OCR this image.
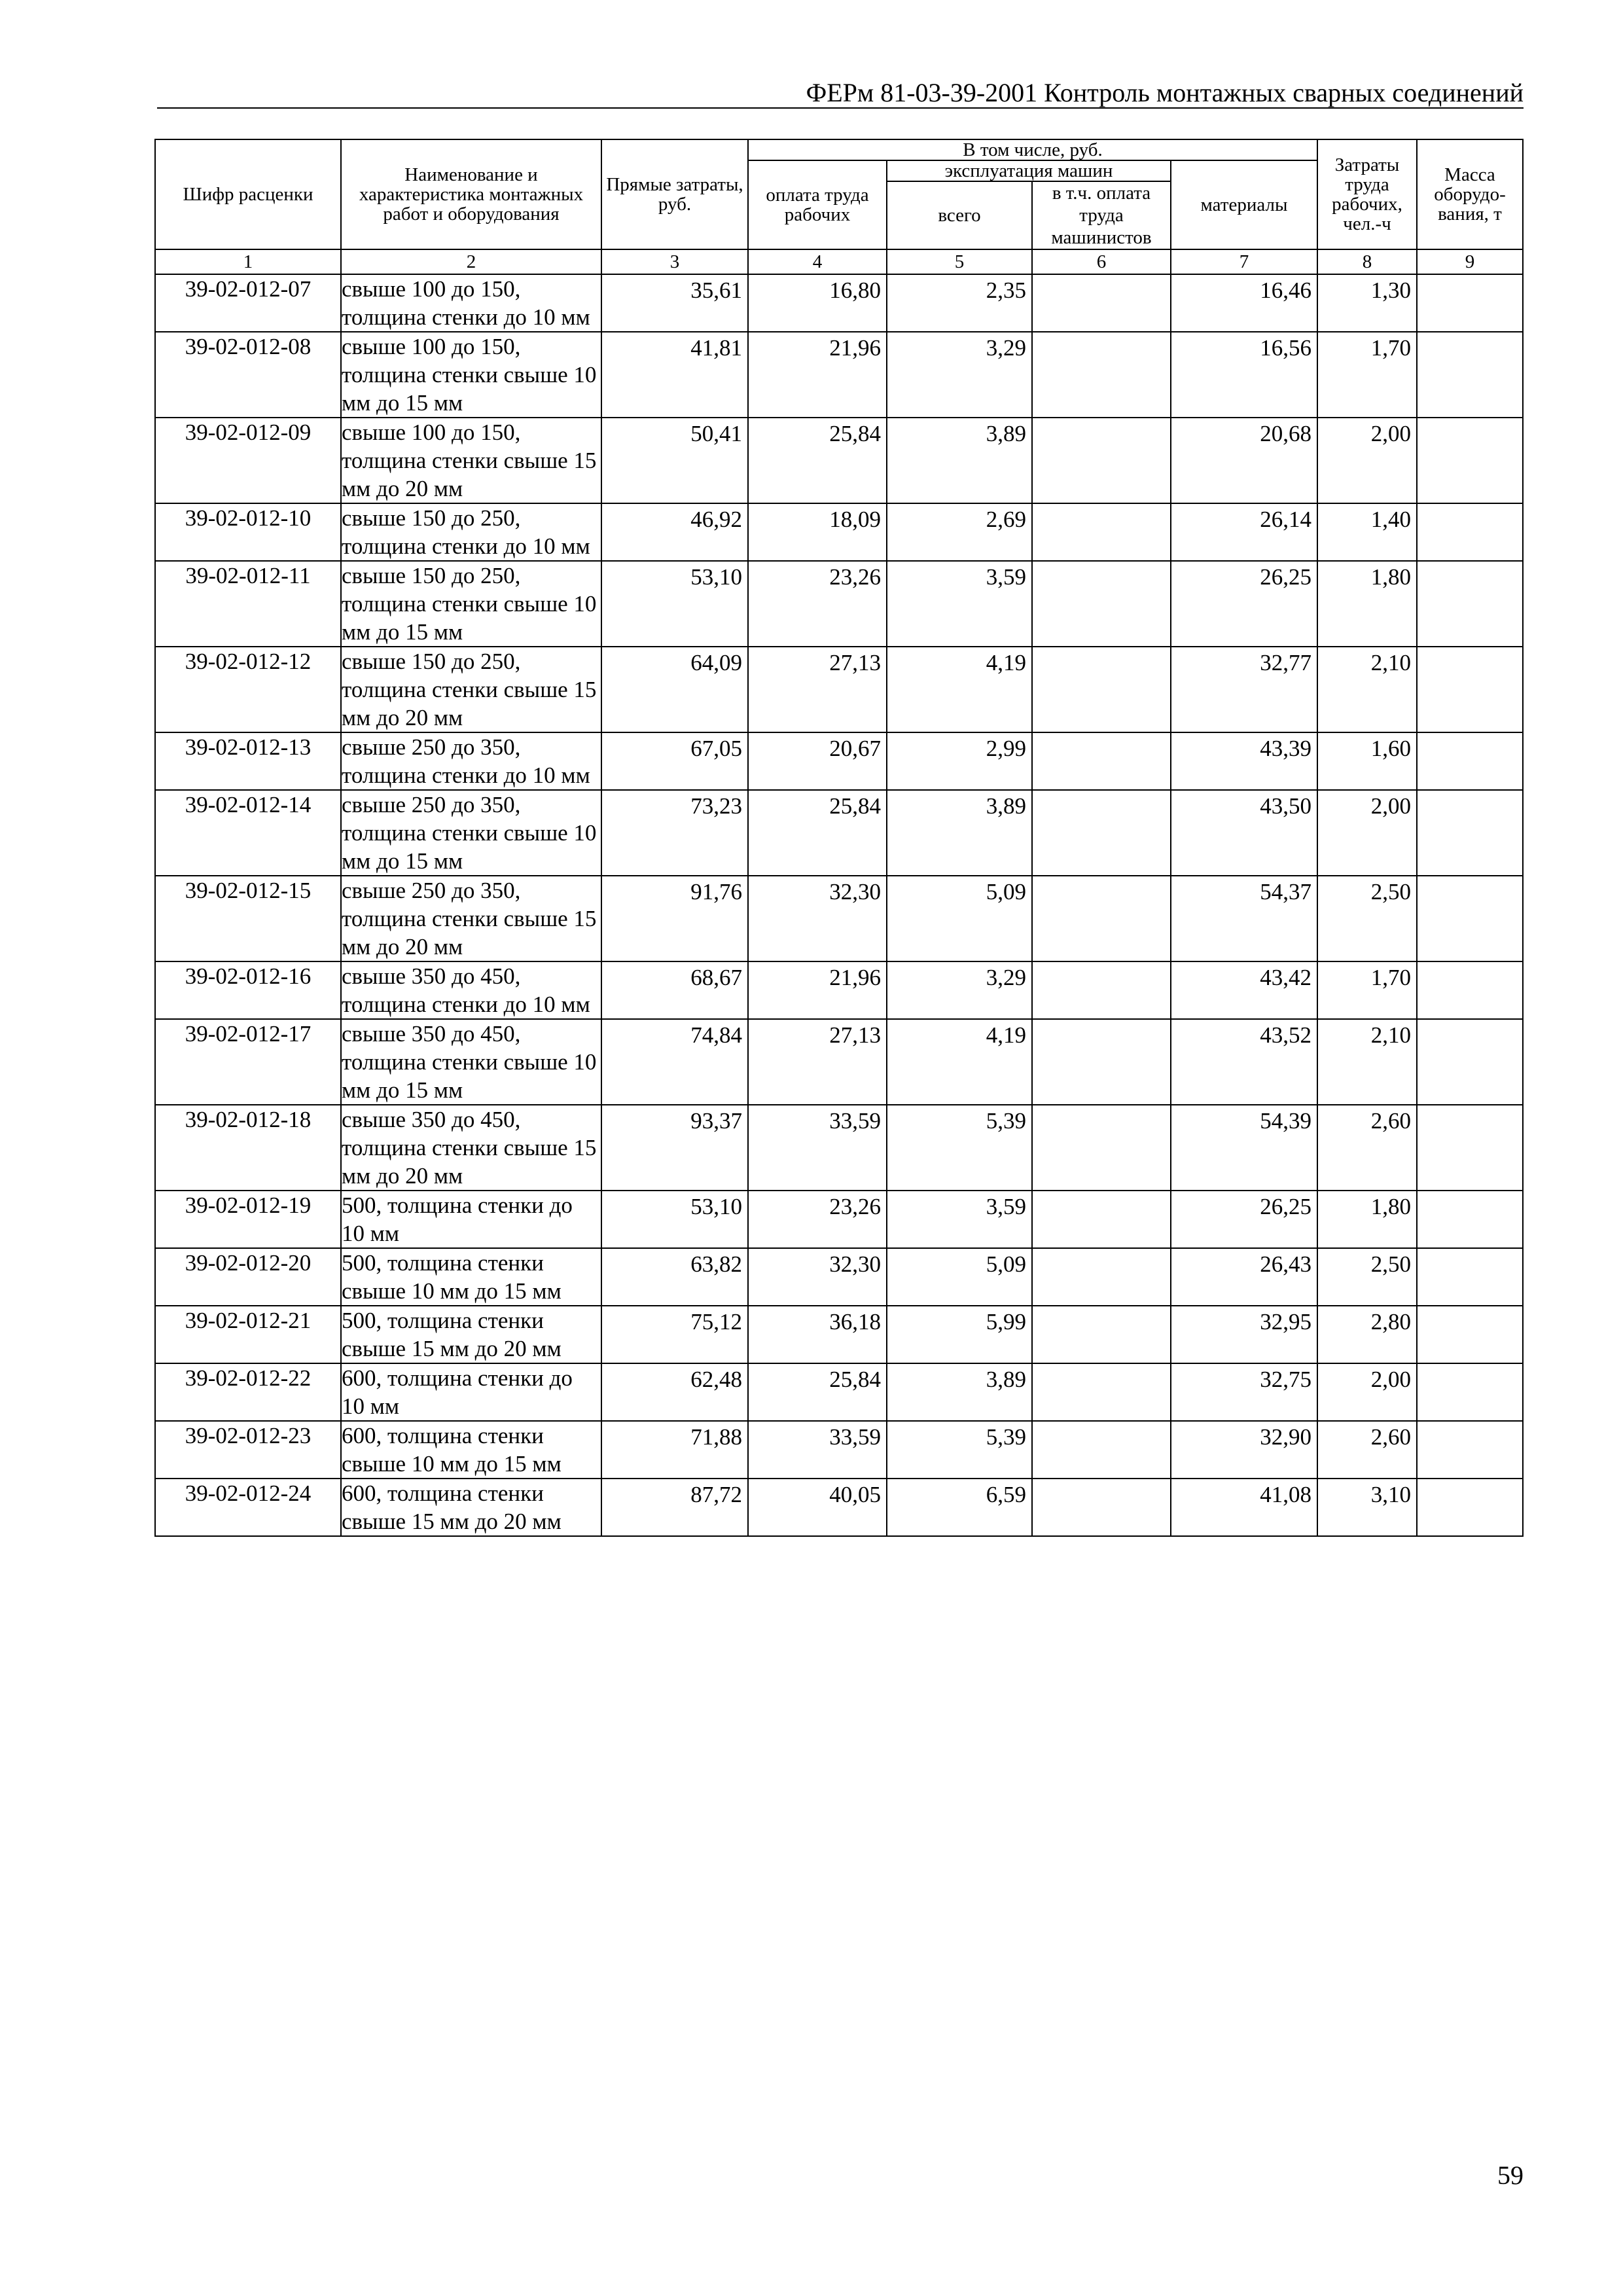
ФЕРм 81-03-39-2001 Контроль монтажных сварных соединений
Шифр расценки	Наименование и характеристика монтажных работ и оборудования	Прямые затраты, руб.	В том числе, руб.				Затраты труда рабочих, чел.-ч	Масса оборудо-вания, т
			оплата труда рабочих	эксплуатация машин		материалы		
				всего	в т.ч. оплата труда машинистов			
1	2	3	4	5	6	7	8	9
39-02-012-07	свыше 100 до 150, толщина стенки до 10 мм	35,61	16,80	2,35		16,46	1,30	
39-02-012-08	свыше 100 до 150, толщина стенки свыше 10 мм до 15 мм	41,81	21,96	3,29		16,56	1,70	
39-02-012-09	свыше 100 до 150, толщина стенки свыше 15 мм до 20 мм	50,41	25,84	3,89		20,68	2,00	
39-02-012-10	свыше 150 до 250, толщина стенки до 10 мм	46,92	18,09	2,69		26,14	1,40	
39-02-012-11	свыше 150 до 250, толщина стенки свыше 10 мм до 15 мм	53,10	23,26	3,59		26,25	1,80	
39-02-012-12	свыше 150 до 250, толщина стенки свыше 15 мм до 20 мм	64,09	27,13	4,19		32,77	2,10	
39-02-012-13	свыше 250 до 350, толщина стенки до 10 мм	67,05	20,67	2,99		43,39	1,60	
39-02-012-14	свыше 250 до 350, толщина стенки свыше 10 мм до 15 мм	73,23	25,84	3,89		43,50	2,00	
39-02-012-15	свыше 250 до 350, толщина стенки свыше 15 мм до 20 мм	91,76	32,30	5,09		54,37	2,50	
39-02-012-16	свыше 350 до 450, толщина стенки до 10 мм	68,67	21,96	3,29		43,42	1,70	
39-02-012-17	свыше 350 до 450, толщина стенки свыше 10 мм до 15 мм	74,84	27,13	4,19		43,52	2,10	
39-02-012-18	свыше 350 до 450, толщина стенки свыше 15 мм до 20 мм	93,37	33,59	5,39		54,39	2,60	
39-02-012-19	500, толщина стенки до 10 мм	53,10	23,26	3,59		26,25	1,80	
39-02-012-20	500, толщина стенки свыше 10 мм до 15 мм	63,82	32,30	5,09		26,43	2,50	
39-02-012-21	500, толщина стенки свыше 15 мм до 20 мм	75,12	36,18	5,99		32,95	2,80	
39-02-012-22	600, толщина стенки до 10 мм	62,48	25,84	3,89		32,75	2,00	
39-02-012-23	600, толщина стенки свыше 10 мм до 15 мм	71,88	33,59	5,39		32,90	2,60	
39-02-012-24	600, толщина стенки свыше 15 мм до 20 мм	87,72	40,05	6,59		41,08	3,10	
59
